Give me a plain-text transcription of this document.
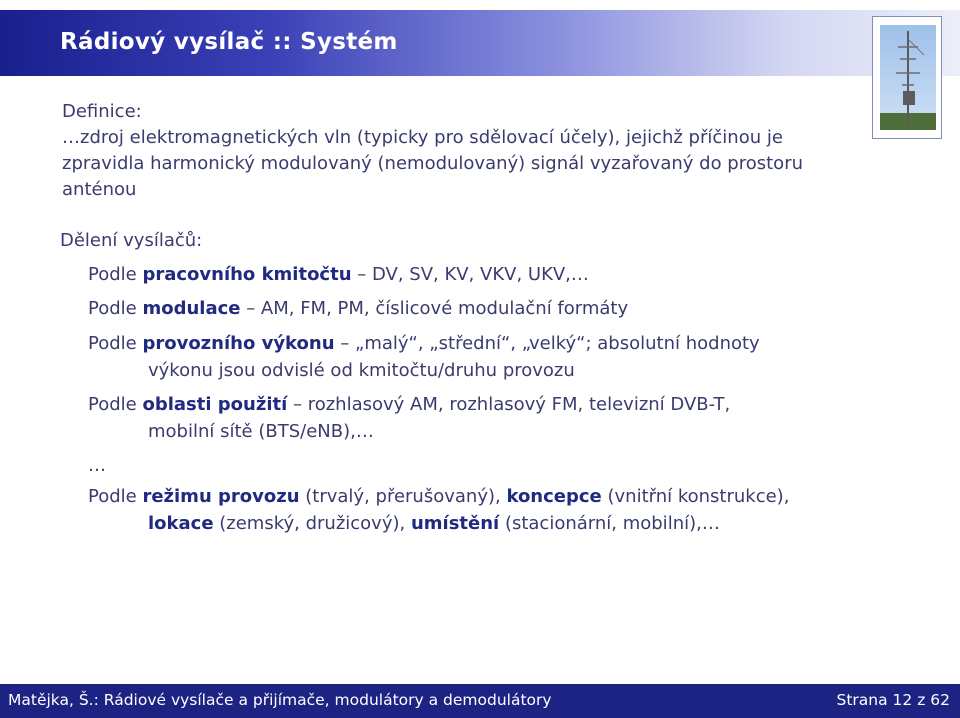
Rádiový vysílač :: Systém
Definice:
…zdroj elektromagnetických vln (typicky pro sdělovací účely), jejichž příčinou je
zpravidla harmonický modulovaný (nemodulovaný) signál vyzařovaný do prostoru
anténou
Dělení vysílačů:
Podle pracovního kmitočtu – DV, SV, KV, VKV, UKV,…
Podle modulace – AM, FM, PM, číslicové modulační formáty
Podle provozního výkonu – „malý“, „střední“, „velký“; absolutní hodnoty
výkonu jsou odvislé od kmitočtu/druhu provozu
Podle oblasti použití – rozhlasový AM, rozhlasový FM, televizní DVB-T,
mobilní sítě (BTS/eNB),…
…
Podle režimu provozu (trvalý, přerušovaný), koncepce (vnitřní konstrukce),
lokace (zemský, družicový), umístění (stacionární, mobilní),…
Matějka, Š.: Rádiové vysílače a přijímače, modulátory a demodulátory	Strana 12 z 62
